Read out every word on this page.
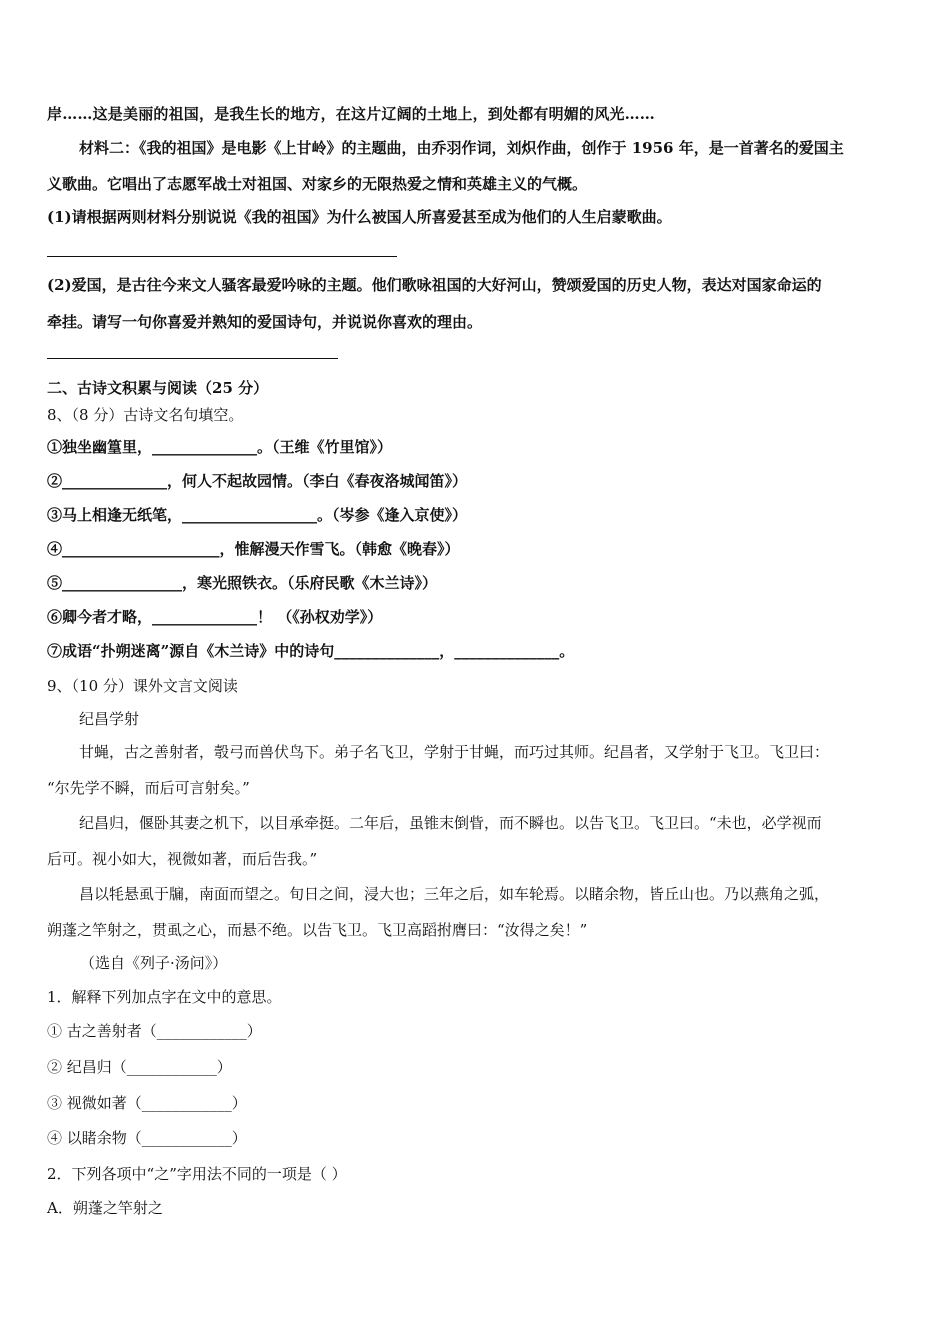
岸……这是美丽的祖国，是我生长的地方，在这片辽阔的土地上，到处都有明媚的风光……
材料二：《我的祖国》是电影《上甘岭》的主题曲，由乔羽作词，刘炽作曲，创作于 1956 年，是一首著名的爱国主
义歌曲。它唱出了志愿军战士对祖国、对家乡的无限热爱之情和英雄主义的气概。
(1)请根据两则材料分别说说《我的祖国》为什么被国人所喜爱甚至成为他们的人生启蒙歌曲。
(2)爱国，是古往今来文人骚客最爱吟咏的主题。他们歌咏祖国的大好河山，赞颂爱国的历史人物，表达对国家命运的
牵挂。请写一句你喜爱并熟知的爱国诗句，并说说你喜欢的理由。
二、古诗文积累与阅读（25 分）
8、（8 分）古诗文名句填空。
①独坐幽篁里，______________。（王维《竹里馆》）
②______________，何人不起故园情。（李白《春夜洛城闻笛》）
③马上相逢无纸笔，__________________。（岑参《逢入京使》）
④_____________________，惟解漫天作雪飞。（韩愈《晚春》）
⑤________________，寒光照铁衣。（乐府民歌《木兰诗》）
⑥卿今者才略，______________！ （《孙权劝学》）
⑦成语“扑朔迷离”源自《木兰诗》中的诗句______________，______________。
9、（10 分）课外文言文阅读
纪昌学射
甘蝇，古之善射者，彀弓而兽伏鸟下。弟子名飞卫，学射于甘蝇，而巧过其师。纪昌者，又学射于飞卫。飞卫曰：
“尔先学不瞬，而后可言射矣。”
纪昌归，偃卧其妻之机下，以目承牵挺。二年后，虽锥末倒眥，而不瞬也。以告飞卫。飞卫曰。“未也，必学视而
后可。视小如大，视微如著，而后告我。”
昌以牦悬虱于牖，南面而望之。旬日之间，浸大也；三年之后，如车轮焉。以睹余物，皆丘山也。乃以燕角之弧，
朔蓬之竿射之，贯虱之心，而悬不绝。以告飞卫。飞卫高蹈拊膺曰：“汝得之矣！”
（选自《列子·汤问》）
1．解释下列加点字在文中的意思。
① 古之善射者（____________）
② 纪昌归（____________）
③ 视微如著（____________）
④ 以睹余物（____________）
2．下列各项中“之”字用法不同的一项是（ ）
A．朔蓬之竿射之
